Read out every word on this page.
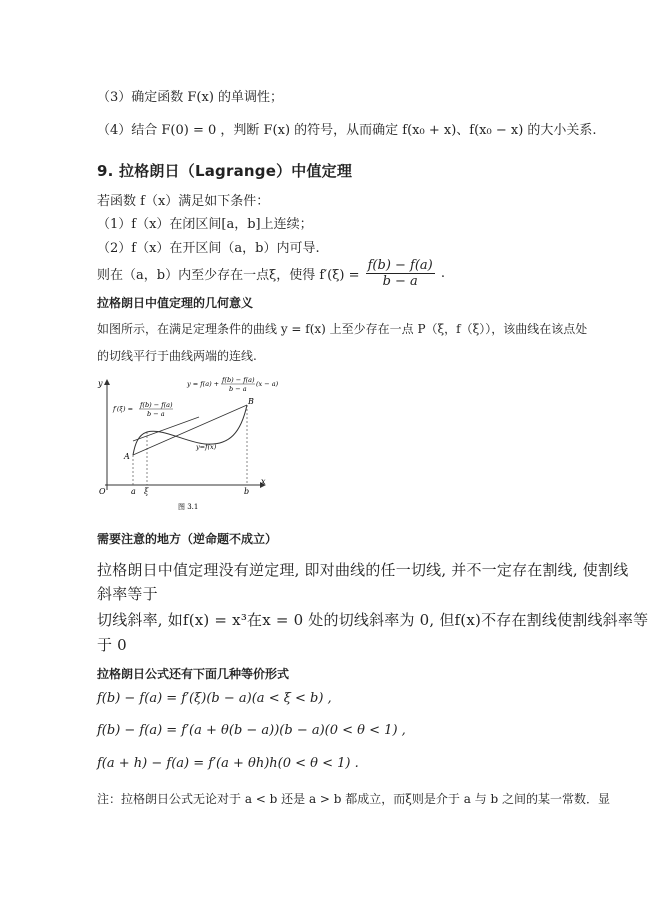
（3）确定函数 F(x) 的单调性；
（4）结合 F(0) = 0 ，判断 F(x) 的符号，从而确定 f(x₀ + x)、f(x₀ − x) 的大小关系.
9. 拉格朗日（Lagrange）中值定理
若函数 f（x）满足如下条件：
（1）f（x）在闭区间[a，b]上连续；
（2）f（x）在开区间（a，b）内可导.
则在（a，b）内至少存在一点ξ，使得 $f'(\xi) = \frac{f(b) - f(a)}{b - a}$ .
拉格朗日中值定理的几何意义
如图所示，在满足定理条件的曲线 y = f(x) 上至少存在一点 P（ξ，f（ξ）），该曲线在该点处
的切线平行于曲线两端的连线.
y
x
O	a ξ	b
A
B
y = f(a) + f(b) − f(a)
b − a
(x − a)
f′(ξ) = f(b) − f(a)
b − a
y=f(x)
图 3.1
需要注意的地方（逆命题不成立）
拉格朗日中值定理没有逆定理, 即对曲线的任一切线, 并不一定存在割线, 使割线
斜率等于
切线斜率, 如f(x) = x³在x = 0 处的切线斜率为 0, 但f(x)不存在割线使割线斜率等
于 0
拉格朗日公式还有下面几种等价形式
f(b) − f(a) = f′(ξ)(b − a)(a < ξ < b) ,
f(b) − f(a) = f′(a + θ(b − a))(b − a)(0 < θ < 1) ,
f(a + h) − f(a) = f′(a + θh)h(0 < θ < 1) .
注：拉格朗日公式无论对于 a < b 还是 a > b 都成立，而ξ则是介于 a 与 b 之间的某一常数．显
